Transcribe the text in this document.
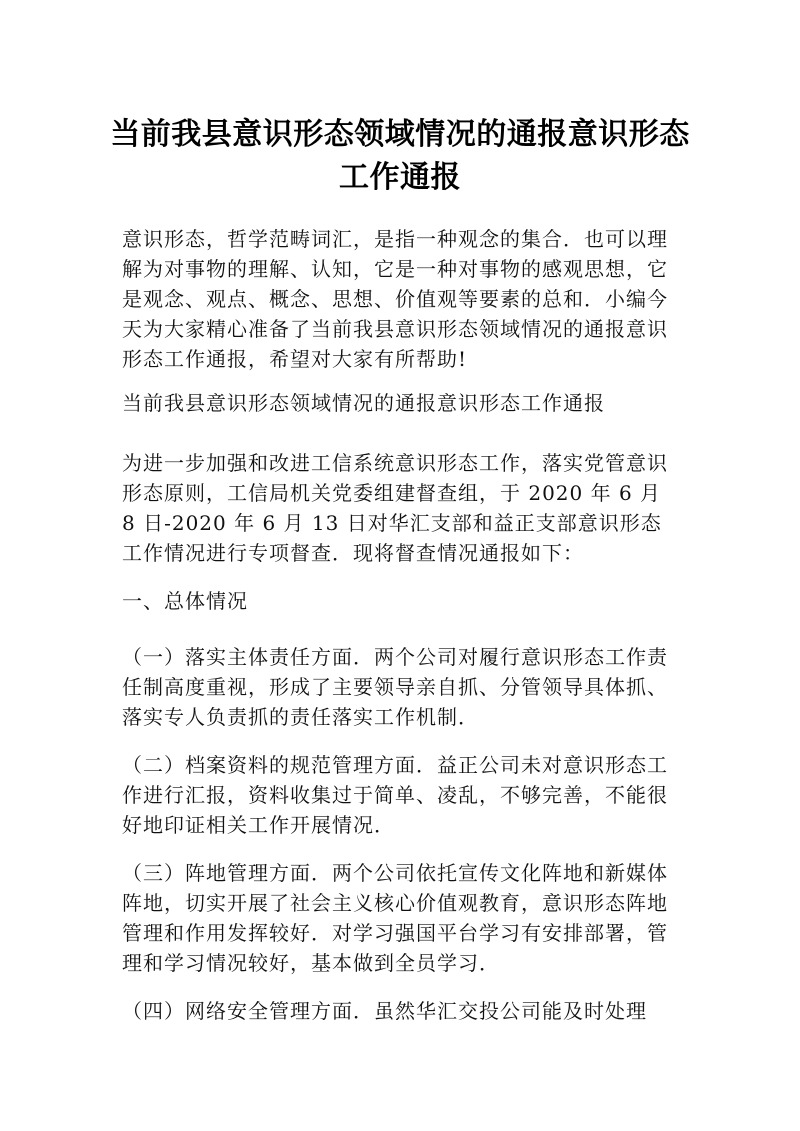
当前我县意识形态领域情况的通报意识形态工作通报
意识形态，哲学范畴词汇，是指一种观念的集合．也可以理解为对事物的理解、认知，它是一种对事物的感观思想，它是观念、观点、概念、思想、价值观等要素的总和．小编今天为大家精心准备了当前我县意识形态领域情况的通报意识形态工作通报，希望对大家有所帮助!
当前我县意识形态领域情况的通报意识形态工作通报
为进一步加强和改进工信系统意识形态工作，落实党管意识形态原则，工信局机关党委组建督查组，于 2020 年 6 月 8 日-2020 年 6 月 13 日对华汇支部和益正支部意识形态工作情况进行专项督查．现将督查情况通报如下：
一、总体情况
（一）落实主体责任方面．两个公司对履行意识形态工作责任制高度重视，形成了主要领导亲自抓、分管领导具体抓、落实专人负责抓的责任落实工作机制．
（二）档案资料的规范管理方面．益正公司未对意识形态工作进行汇报，资料收集过于简单、凌乱，不够完善，不能很好地印证相关工作开展情况．
（三）阵地管理方面．两个公司依托宣传文化阵地和新媒体阵地，切实开展了社会主义核心价值观教育，意识形态阵地管理和作用发挥较好．对学习强国平台学习有安排部署，管理和学习情况较好，基本做到全员学习．
（四）网络安全管理方面．虽然华汇交投公司能及时处理
